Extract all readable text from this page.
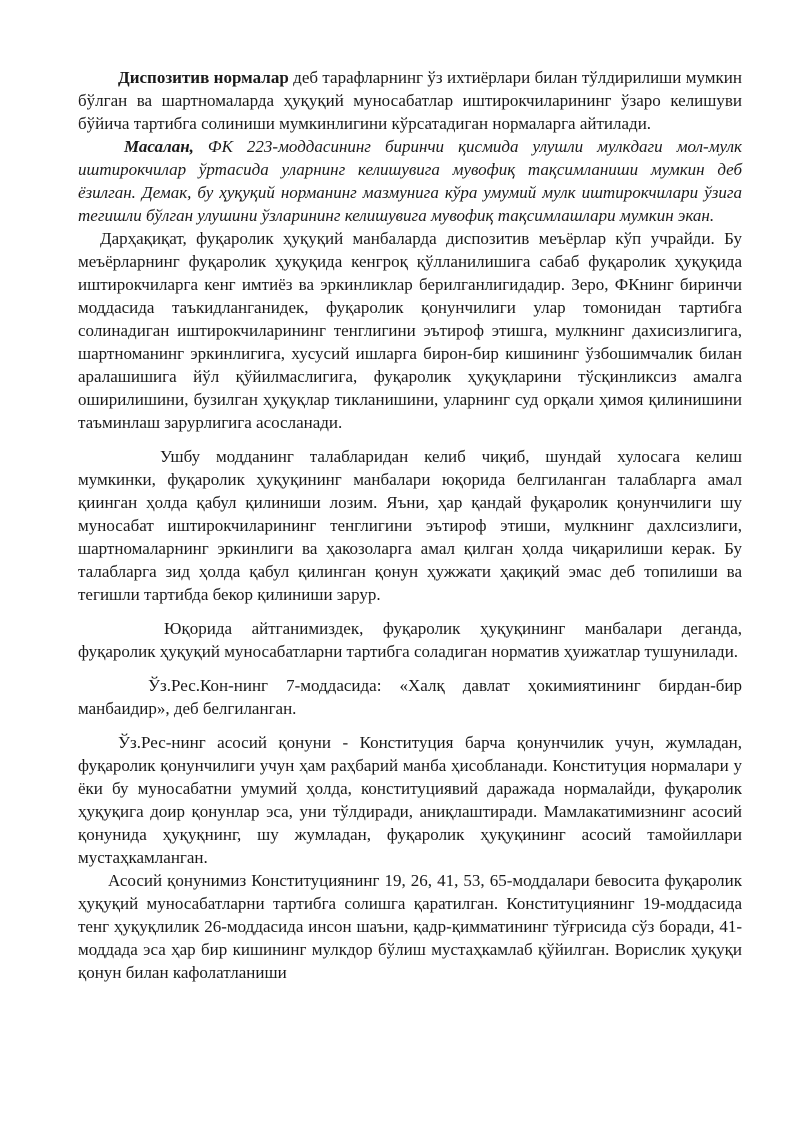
Диспозитив нормалар деб тарафларнинг ўз ихтиёрлари билан тўлдирилиши мумкин бўлган ва шартномаларда ҳуқуқий муносабатлар иштирокчиларининг ўзаро келишуви бўйича тартибга солиниши мумкинлигини кўрсатадиган нормаларга айтилади.

Масалан, ФК 223-моддасининг биринчи қисмида улушли мулкдаги мол-мулк иштирокчилар ўртасида уларнинг келишувига мувофиқ тақсимланиши мумкин деб ёзилган. Демак, бу ҳуқуқий норманинг мазмунига кўра умумий мулк иштирокчилари ўзига тегишли бўлган улушини ўзларининг келишувига мувофиқ тақсимлашлари мумкин экан.

Дарҳақиқат, фуқаролик ҳуқуқий манбаларда диспозитив меъёрлар кўп учрайди. Бу меъёрларнинг фуқаролик ҳуқуқида кенгроқ қўлланилишига сабаб фуқаролик ҳуқуқида иштирокчиларга кенг имтиёз ва эркинликлар берилганлигидадир. Зеро, ФКнинг биринчи моддасида таъкидланганидек, фуқаролик қонунчилиги улар томонидан тартибга солинадиган иштирокчиларининг тенглигини эътироф этишга, мулкнинг дахисизлигига, шартноманинг эркинлигига, хусусий ишларга бирон-бир кишининг ўзбошимчалик билан аралашишига йўл қўйилмаслигига, фуқаролик ҳуқуқларини тўсқинликсиз амалга оширилишини, бузилган ҳуқуқлар тикланишини, уларнинг суд орқали ҳимоя қилинишини таъминлаш зарурлигига асосланади.

Ушбу модданинг талабларидан келиб чиқиб, шундай хулосага келиш мумкинки, фуқаролик ҳуқуқининг манбалари юқорида белгиланган талабларга амал қиинган ҳолда қабул қилиниши лозим. Яъни, ҳар қандай фуқаролик қонунчилиги шу муносабат иштирокчиларининг тенглигини эътироф этиши, мулкнинг дахлсизлиги, шартномаларнинг эркинлиги ва ҳакозоларга амал қилган ҳолда чиқарилиши керак. Бу талабларга зид ҳолда қабул қилинган қонун ҳужжати ҳақиқий эмас деб топилиши ва тегишли тартибда бекор қилиниши зарур.

Юқорида айтганимиздек, фуқаролик ҳуқуқининг манбалари деганда, фуқаролик ҳуқуқий муносабатларни тартибга соладиган норматив ҳуижатлар тушунилади.

Ўз.Рес.Кон-нинг 7-моддасида: «Халқ давлат ҳокимиятининг бирдан-бир манбаидир», деб белгиланган.

Ўз.Рес-нинг асосий қонуни - Конституция барча қонунчилик учун, жумладан, фуқаролик қонунчилиги учун ҳам раҳбарий манба ҳисобланади. Конституция нормалари у ёки бу муносабатни умумий ҳолда, конституциявий даражада нормалайди, фуқаролик ҳуқуқига доир қонунлар эса, уни тўлдиради, аниқлаштиради. Мамлакатимизнинг асосий қонунида ҳуқуқнинг, шу жумладан, фуқаролик ҳуқуқининг асосий тамойиллари мустаҳкамланган.

Асосий қонунимиз Конституциянинг 19, 26, 41, 53, 65-моддалари бевосита фуқаролик ҳуқуқий муносабатларни тартибга солишга қаратилган. Конституциянинг 19-моддасида тенг ҳуқуқлилик 26-моддасида инсон шаъни, қадр-қимматининг тўғрисида сўз боради, 41-моддада эса ҳар бир кишининг мулкдор бўлиш мустаҳкамлаб қўйилган. Ворислик ҳуқуқи қонун билан кафолатланиши
